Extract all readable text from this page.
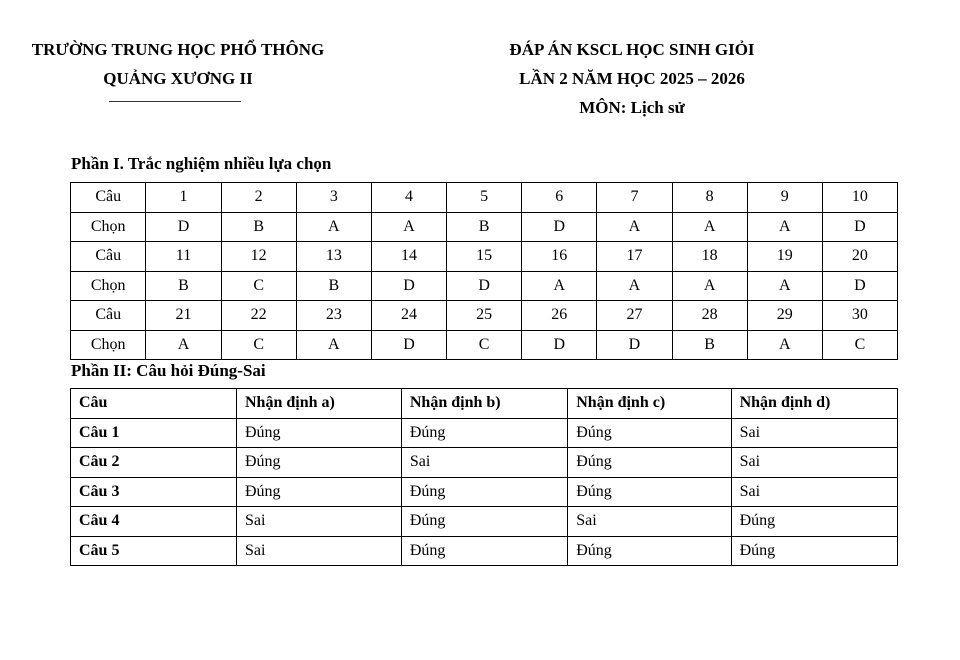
TRƯỜNG TRUNG HỌC PHỔ THÔNG
QUẢNG XƯƠNG II
ĐÁP ÁN KSCL HỌC SINH GIỎI
LẦN 2 NĂM HỌC 2025 – 2026
MÔN: Lịch sử
Phần I. Trắc nghiệm nhiều lựa chọn
Câu	1	2	3	4	5	6	7	8	9	10
Chọn	D	B	A	A	B	D	A	A	A	D
Câu	11	12	13	14	15	16	17	18	19	20
Chọn	B	C	B	D	D	A	A	A	A	D
Câu	21	22	23	24	25	26	27	28	29	30
Chọn	A	C	A	D	C	D	D	B	A	C
Phần II: Câu hỏi Đúng-Sai
Câu	Nhận định a)	Nhận định b)	Nhận định c)	Nhận định d)
Câu 1	Đúng	Đúng	Đúng	Sai
Câu 2	Đúng	Sai	Đúng	Sai
Câu 3	Đúng	Đúng	Đúng	Sai
Câu 4	Sai	Đúng	Sai	Đúng
Câu 5	Sai	Đúng	Đúng	Đúng
